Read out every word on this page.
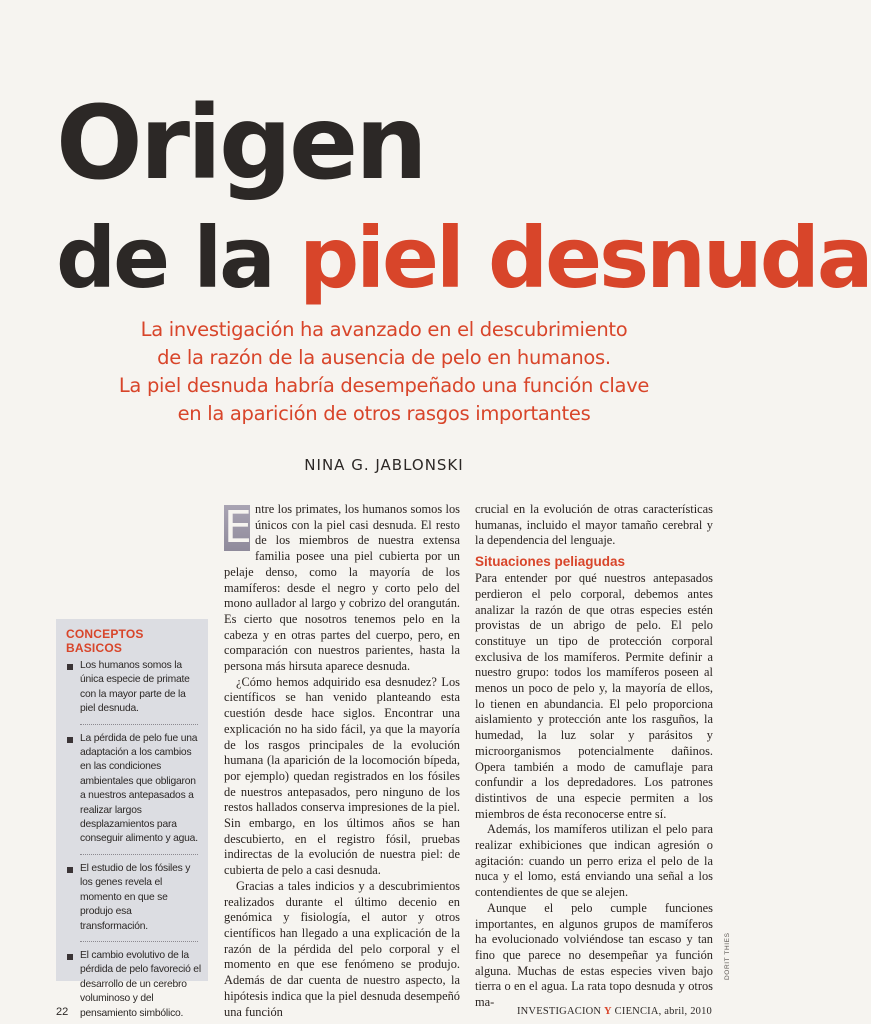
Origen
de la piel desnuda
La investigación ha avanzado en el descubrimiento
de la razón de la ausencia de pelo en humanos.
La piel desnuda habría desempeñado una función clave
en la aparición de otros rasgos importantes
NINA G. JABLONSKI
CONCEPTOS BASICOS
Los humanos somos la única especie de primate con la mayor parte de la piel desnuda.
La pérdida de pelo fue una adaptación a los cambios en las condiciones ambientales que obligaron a nuestros antepasados a realizar largos desplazamientos para conseguir alimento y agua.
El estudio de los fósiles y los genes revela el momento en que se produjo esa transformación.
El cambio evolutivo de la pérdida de pelo favoreció el desarrollo de un cerebro voluminoso y del pensamiento simbólico.

E ntre los primates, los humanos somos los únicos con la piel casi desnuda. El resto de los miembros de nuestra extensa familia posee una piel cubierta por un pelaje denso, como la mayoría de los mamíferos: desde el negro y corto pelo del mono aullador al largo y cobrizo del orangután. Es cierto que nosotros tenemos pelo en la cabeza y en otras partes del cuerpo, pero, en comparación con nuestros parientes, hasta la persona más hirsuta aparece desnuda.

¿Cómo hemos adquirido esa desnudez? Los científicos se han venido planteando esta cuestión desde hace siglos. Encontrar una explicación no ha sido fácil, ya que la mayoría de los rasgos principales de la evolución humana (la aparición de la locomoción bípeda, por ejemplo) quedan registrados en los fósiles de nuestros antepasados, pero ninguno de los restos hallados conserva impresiones de la piel. Sin embargo, en los últimos años se han descubierto, en el registro fósil, pruebas indirectas de la evolución de nuestra piel: de cubierta de pelo a casi desnuda.

Gracias a tales indicios y a descubrimientos realizados durante el último decenio en genómica y fisiología, el autor y otros científicos han llegado a una explicación de la razón de la pérdida del pelo corporal y el momento en que ese fenómeno se produjo. Además de dar cuenta de nuestro aspecto, la hipótesis indica que la piel desnuda desempeñó una función

crucial en la evolución de otras características humanas, incluido el mayor tamaño cerebral y la dependencia del lenguaje.

Situaciones peliagudas

Para entender por qué nuestros antepasados perdieron el pelo corporal, debemos antes analizar la razón de que otras especies estén provistas de un abrigo de pelo. El pelo constituye un tipo de protección corporal exclusiva de los mamíferos. Permite definir a nuestro grupo: todos los mamíferos poseen al menos un poco de pelo y, la mayoría de ellos, lo tienen en abundancia. El pelo proporciona aislamiento y protección ante los rasguños, la humedad, la luz solar y parásitos y microorganismos potencialmente dañinos. Opera también a modo de camuflaje para confundir a los depredadores. Los patrones distintivos de una especie permiten a los miembros de ésta reconocerse entre sí.

Además, los mamíferos utilizan el pelo para realizar exhibiciones que indican agresión o agitación: cuando un perro eriza el pelo de la nuca y el lomo, está enviando una señal a los contendientes de que se alejen.

Aunque el pelo cumple funciones importantes, en algunos grupos de mamíferos ha evolucionado volviéndose tan escaso y tan fino que parece no desempeñar ya función alguna. Muchas de estas especies viven bajo tierra o en el agua. La rata topo desnuda y otros ma-

DORIT THIES
22	INVESTIGACION Y CIENCIA, abril, 2010
